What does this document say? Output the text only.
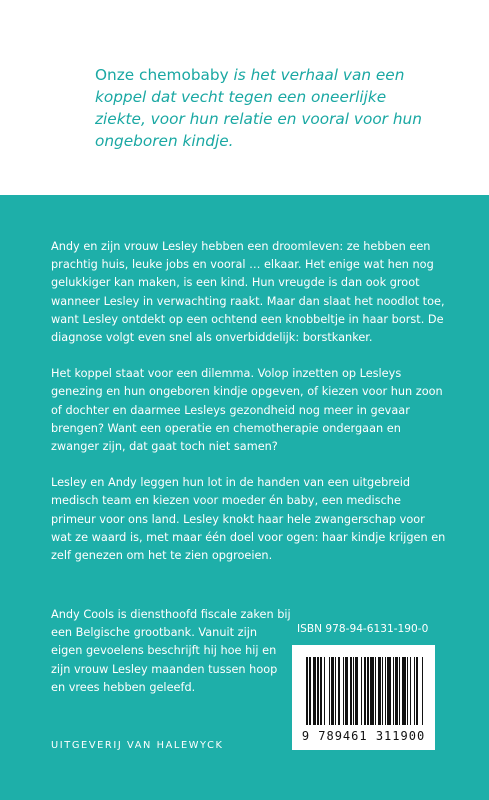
Onze chemobaby is het verhaal van een koppel dat vecht tegen een oneerlijke ziekte, voor hun relatie en vooral voor hun ongeboren kindje.

Andy en zijn vrouw Lesley hebben een droomleven: ze hebben een prachtig huis, leuke jobs en vooral … elkaar. Het enige wat hen nog gelukkiger kan maken, is een kind. Hun vreugde is dan ook groot wanneer Lesley in verwachting raakt. Maar dan slaat het noodlot toe, want Lesley ontdekt op een ochtend een knobbeltje in haar borst. De diagnose volgt even snel als onverbiddelijk: borstkanker.

Het koppel staat voor een dilemma. Volop inzetten op Lesleys genezing en hun ongeboren kindje opgeven, of kiezen voor hun zoon of dochter en daarmee Lesleys gezondheid nog meer in gevaar brengen? Want een operatie en chemotherapie ondergaan en zwanger zijn, dat gaat toch niet samen?

Lesley en Andy leggen hun lot in de handen van een uitgebreid medisch team en kiezen voor moeder én baby, een medische primeur voor ons land. Lesley knokt haar hele zwangerschap voor wat ze waard is, met maar één doel voor ogen: haar kindje krijgen en zelf genezen om het te zien opgroeien.

Andy Cools is diensthoofd fiscale zaken bij een Belgische grootbank. Vanuit zijn eigen gevoelens beschrijft hij hoe hij en zijn vrouw Lesley maanden tussen hoop en vrees hebben geleefd.

ISBN 978-94-6131-190-0
9 789461 311900
UITGEVERIJ VAN HALEWYCK
